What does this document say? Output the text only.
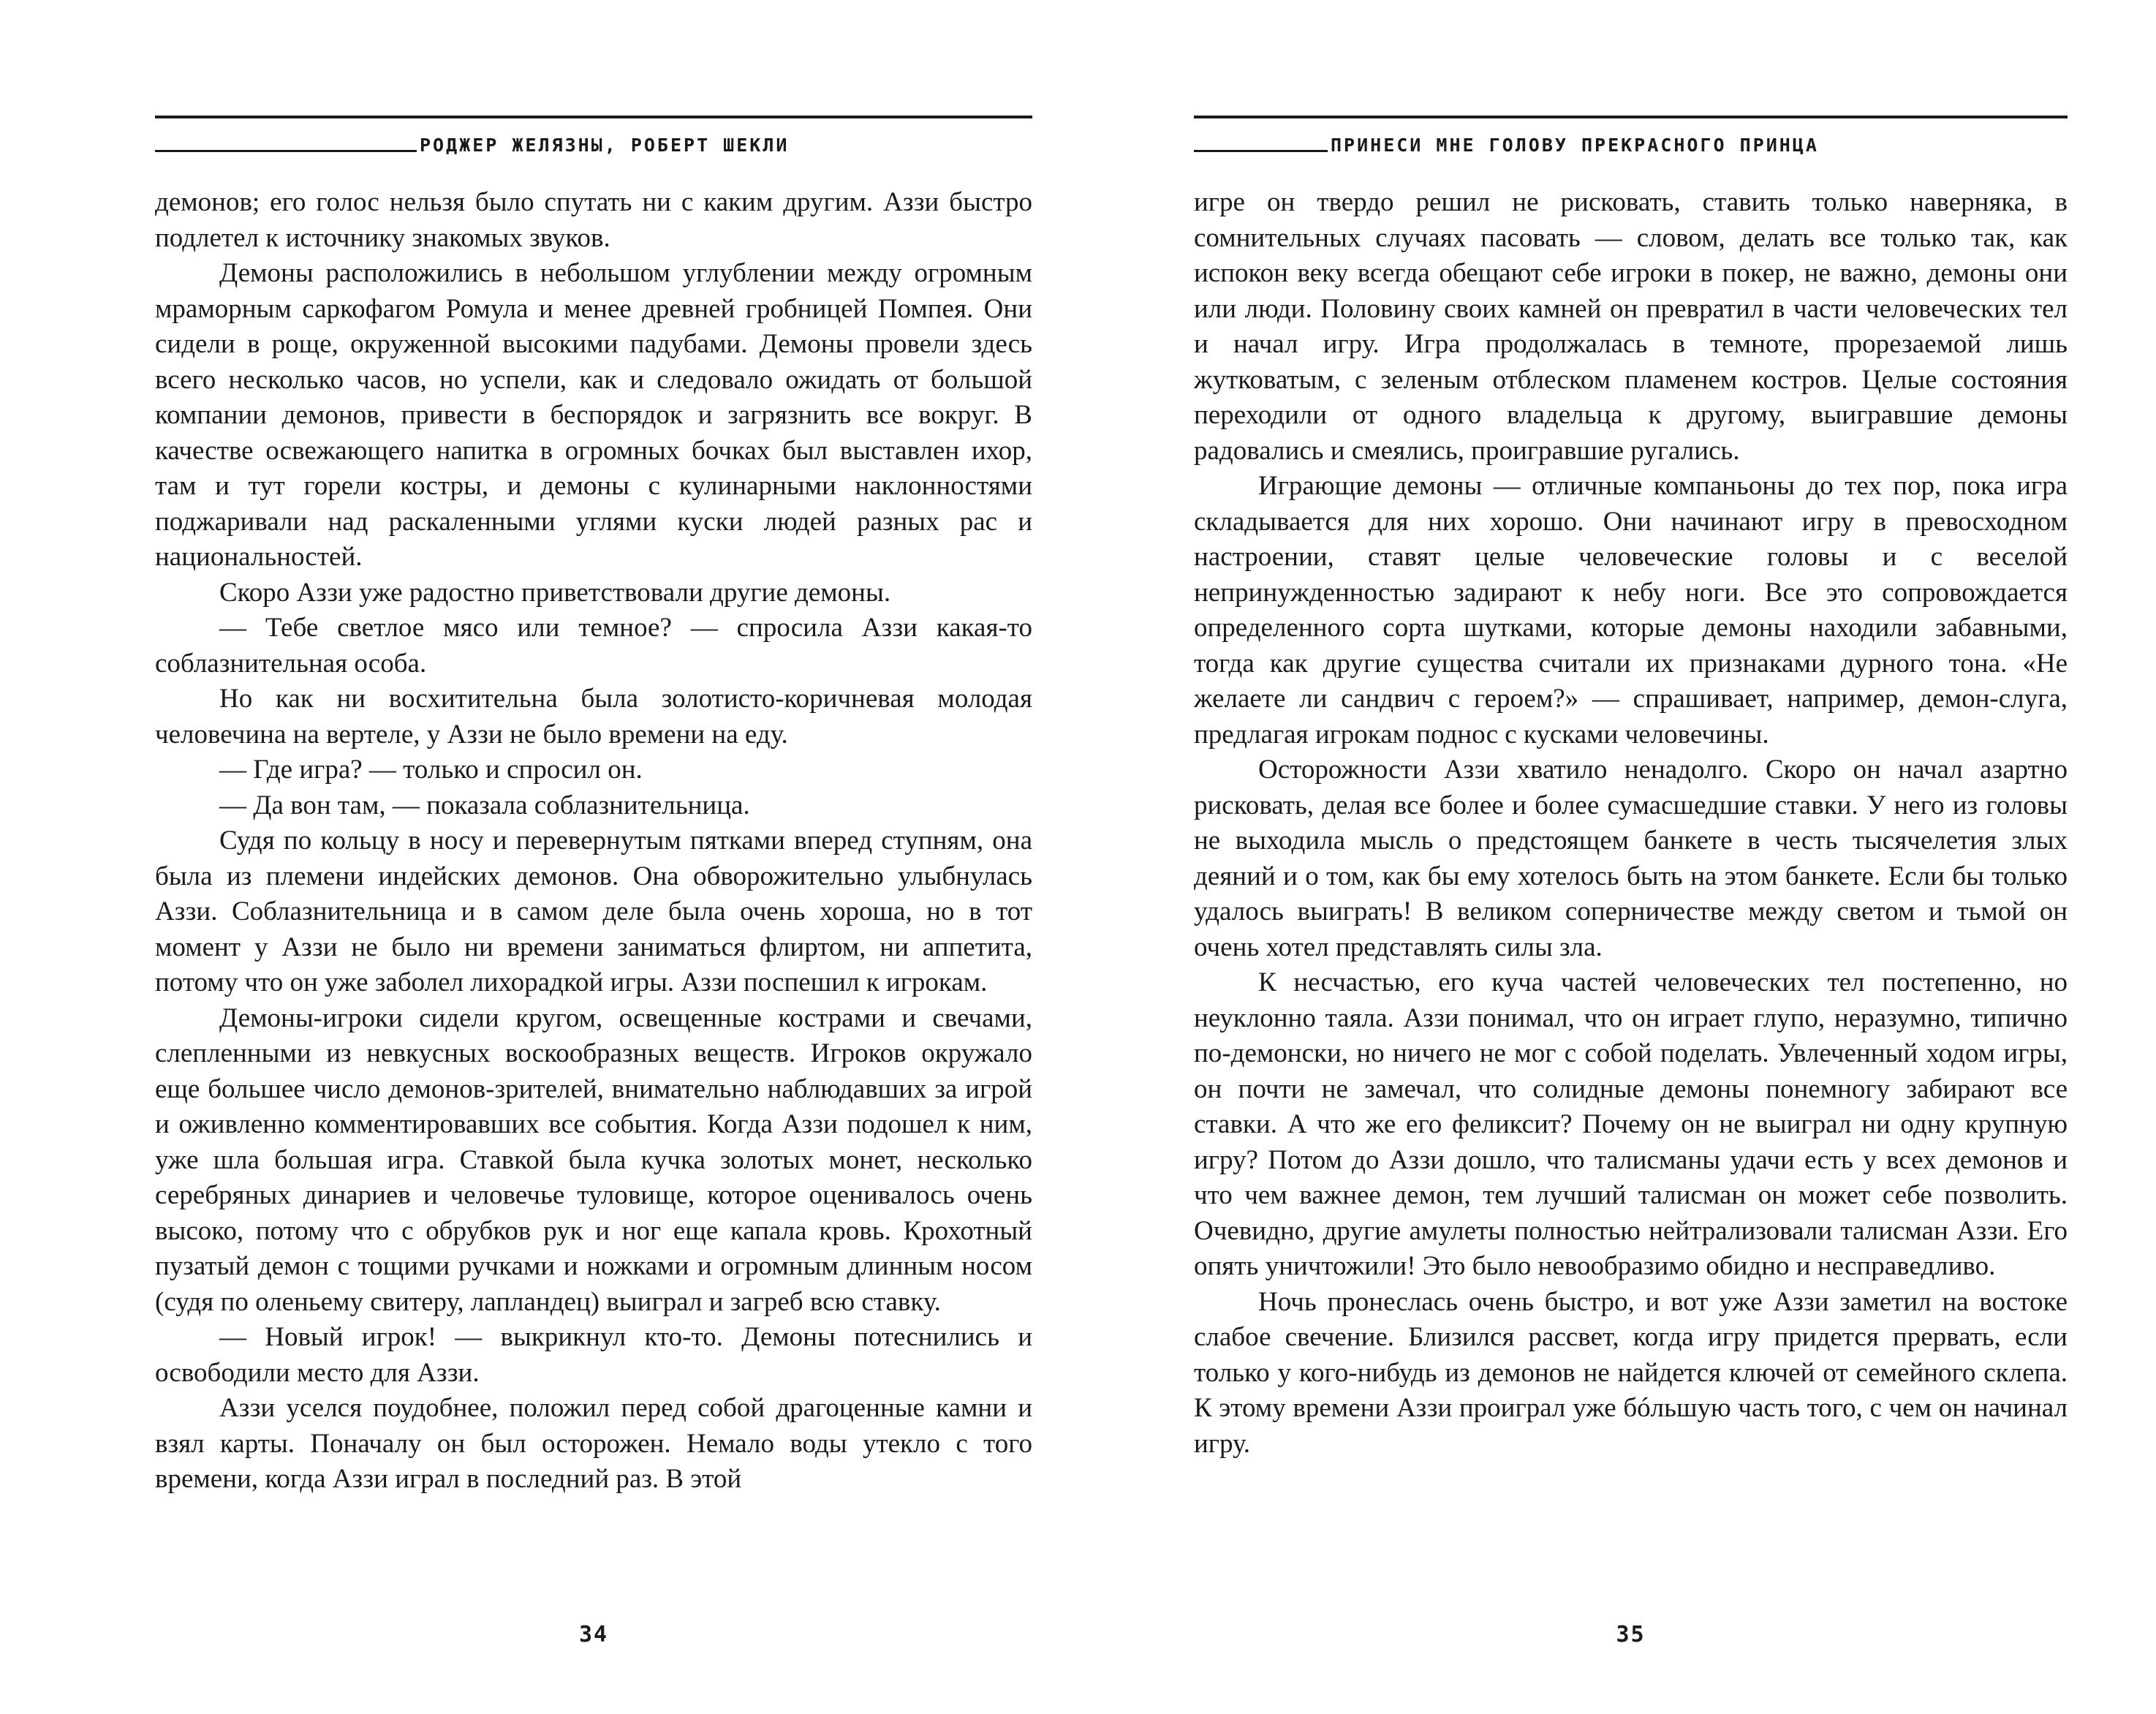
РОДЖЕР ЖЕЛЯЗНЫ, РОБЕРТ ШЕКЛИ

демонов; его голос нельзя было спутать ни с каким другим. Аззи быстро подлетел к источнику знакомых звуков.

Демоны расположились в небольшом углублении между огромным мраморным саркофагом Ромула и менее древней гробницей Помпея. Они сидели в роще, окруженной высокими падубами. Демоны провели здесь всего несколько часов, но успели, как и следовало ожидать от большой компании демонов, привести в беспорядок и загрязнить все вокруг. В качестве освежающего напитка в огромных бочках был выставлен ихор, там и тут горели костры, и демоны с кулинарными наклонностями поджаривали над раскаленными углями куски людей разных рас и национальностей.

Скоро Аззи уже радостно приветствовали другие демоны.

— Тебе светлое мясо или темное? — спросила Аззи какая-то соблазнительная особа.

Но как ни восхитительна была золотисто-коричневая молодая человечина на вертеле, у Аззи не было времени на еду.

— Где игра? — только и спросил он.

— Да вон там, — показала соблазнительница.

Судя по кольцу в носу и перевернутым пятками вперед ступням, она была из племени индейских демонов. Она обворожительно улыбнулась Аззи. Соблазнительница и в самом деле была очень хороша, но в тот момент у Аззи не было ни времени заниматься флиртом, ни аппетита, потому что он уже заболел лихорадкой игры. Аззи поспешил к игрокам.

Демоны-игроки сидели кругом, освещенные кострами и свечами, слепленными из невкусных воскообразных веществ. Игроков окружало еще большее число демонов-зрителей, внимательно наблюдавших за игрой и оживленно комментировавших все события. Когда Аззи подошел к ним, уже шла большая игра. Ставкой была кучка золотых монет, несколько серебряных динариев и человечье туловище, которое оценивалось очень высоко, потому что с обрубков рук и ног еще капала кровь. Крохотный пузатый демон с тощими ручками и ножками и огромным длинным носом (судя по оленьему свитеру, лапландец) выиграл и загреб всю ставку.

— Новый игрок! — выкрикнул кто-то. Демоны потеснились и освободили место для Аззи.

Аззи уселся поудобнее, положил перед собой драгоценные камни и взял карты. Поначалу он был осторожен. Немало воды утекло с того времени, когда Аззи играл в последний раз. В этой

34
ПРИНЕСИ МНЕ ГОЛОВУ ПРЕКРАСНОГО ПРИНЦА

игре он твердо решил не рисковать, ставить только наверняка, в сомнительных случаях пасовать — словом, делать все только так, как испокон веку всегда обещают себе игроки в покер, не важно, демоны они или люди. Половину своих камней он превратил в части человеческих тел и начал игру. Игра продолжалась в темноте, прорезаемой лишь жутковатым, с зеленым отблеском пламенем костров. Целые состояния переходили от одного владельца к другому, выигравшие демоны радовались и смеялись, проигравшие ругались.

Играющие демоны — отличные компаньоны до тех пор, пока игра складывается для них хорошо. Они начинают игру в превосходном настроении, ставят целые человеческие головы и с веселой непринужденностью задирают к небу ноги. Все это сопровождается определенного сорта шутками, которые демоны находили забавными, тогда как другие существа считали их признаками дурного тона. «Не желаете ли сандвич с героем?» — спрашивает, например, демон-слуга, предлагая игрокам поднос с кусками человечины.

Осторожности Аззи хватило ненадолго. Скоро он начал азартно рисковать, делая все более и более сумасшедшие ставки. У него из головы не выходила мысль о предстоящем банкете в честь тысячелетия злых деяний и о том, как бы ему хотелось быть на этом банкете. Если бы только удалось выиграть! В великом соперничестве между светом и тьмой он очень хотел представлять силы зла.

К несчастью, его куча частей человеческих тел постепенно, но неуклонно таяла. Аззи понимал, что он играет глупо, неразумно, типично по-демонски, но ничего не мог с собой поделать. Увлеченный ходом игры, он почти не замечал, что солидные демоны понемногу забирают все ставки. А что же его феликсит? Почему он не выиграл ни одну крупную игру? Потом до Аззи дошло, что талисманы удачи есть у всех демонов и что чем важнее демон, тем лучший талисман он может себе позволить. Очевидно, другие амулеты полностью нейтрализовали талисман Аззи. Его опять уничтожили! Это было невообразимо обидно и несправедливо.

Ночь пронеслась очень быстро, и вот уже Аззи заметил на востоке слабое свечение. Близился рассвет, когда игру придется прервать, если только у кого-нибудь из демонов не найдется ключей от семейного склепа. К этому времени Аззи проиграл уже бóльшую часть того, с чем он начинал игру.

35
